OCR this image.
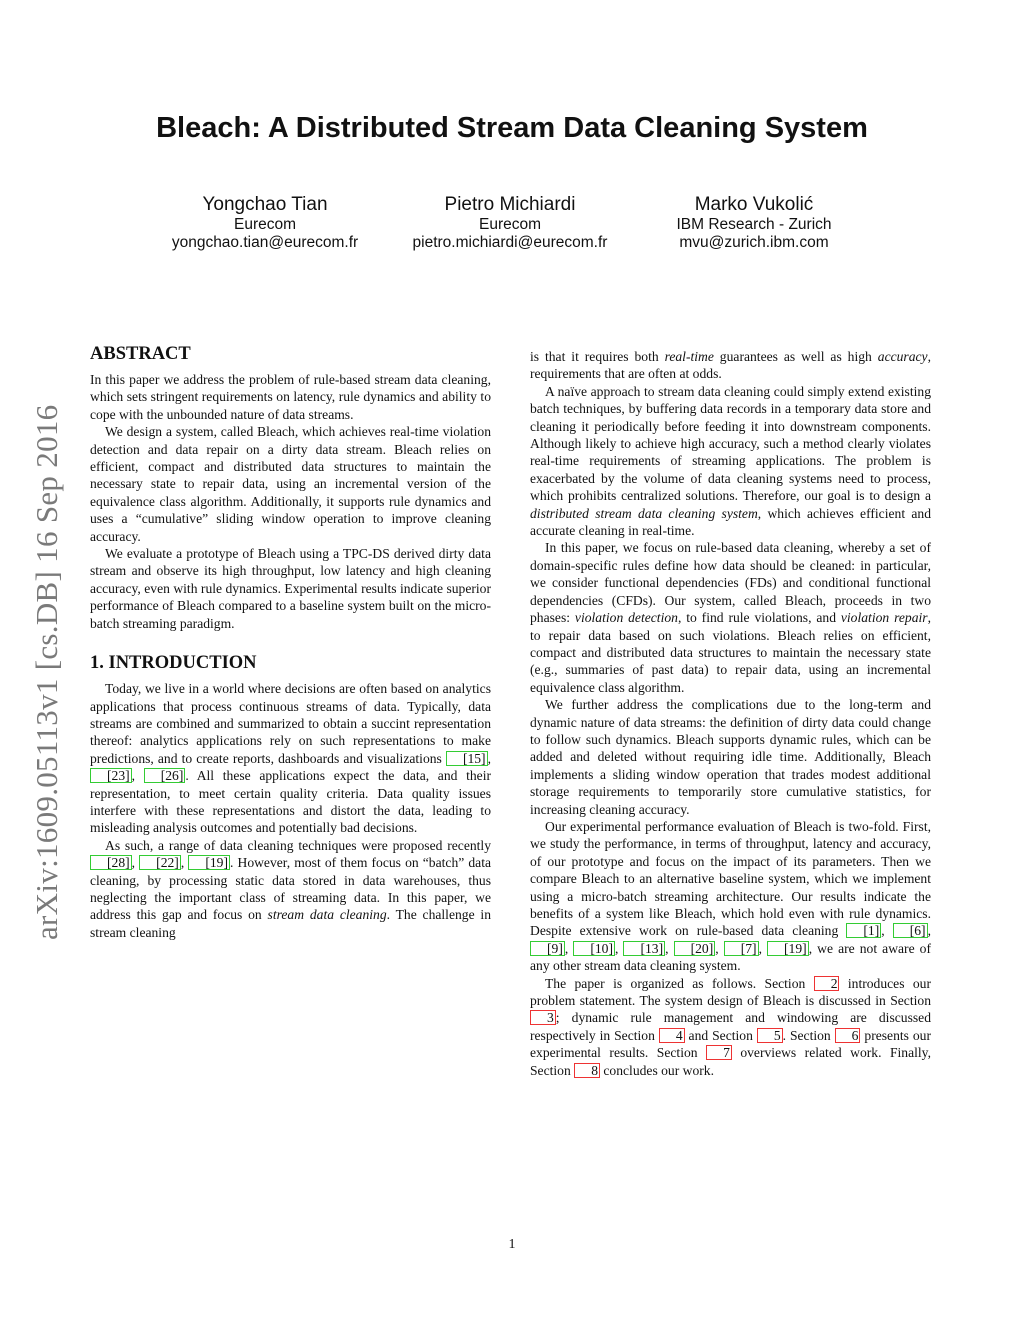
Bleach: A Distributed Stream Data Cleaning System
Yongchao Tian
Eurecom
yongchao.tian@eurecom.fr
Pietro Michiardi
Eurecom
pietro.michiardi@eurecom.fr
Marko Vukolić
IBM Research - Zurich
mvu@zurich.ibm.com
arXiv:1609.05113v1 [cs.DB] 16 Sep 2016
ABSTRACT

In this paper we address the problem of rule-based stream data cleaning, which sets stringent requirements on latency, rule dynamics and ability to cope with the unbounded nature of data streams.

We design a system, called Bleach, which achieves real-time violation detection and data repair on a dirty data stream. Bleach relies on efficient, compact and distributed data structures to maintain the necessary state to repair data, using an incremental version of the equivalence class algorithm. Additionally, it supports rule dynamics and uses a “cumulative” sliding window operation to improve cleaning accuracy.

We evaluate a prototype of Bleach using a TPC-DS derived dirty data stream and observe its high throughput, low latency and high cleaning accuracy, even with rule dynamics. Experimental results indicate superior performance of Bleach compared to a baseline system built on the micro-batch streaming paradigm.

1. INTRODUCTION

Today, we live in a world where decisions are often based on analytics applications that process continuous streams of data. Typically, data streams are combined and summarized to obtain a succint representation thereof: analytics applications rely on such representations to make predictions, and to create reports, dashboards and visualizations [15] , [23] , [26] . All these applications expect the data, and their representation, to meet certain quality criteria. Data quality issues interfere with these representations and distort the data, leading to misleading analysis outcomes and potentially bad decisions.

As such, a range of data cleaning techniques were proposed recently [28] , [22] , [19] . However, most of them focus on “batch” data cleaning, by processing static data stored in data warehouses, thus neglecting the important class of streaming data. In this paper, we address this gap and focus on stream data cleaning. The challenge in stream cleaning

is that it requires both real-time guarantees as well as high accuracy, requirements that are often at odds.

A naïve approach to stream data cleaning could simply extend existing batch techniques, by buffering data records in a temporary data store and cleaning it periodically before feeding it into downstream components. Although likely to achieve high accuracy, such a method clearly violates real-time requirements of streaming applications. The problem is exacerbated by the volume of data cleaning systems need to process, which prohibits centralized solutions. Therefore, our goal is to design a distributed stream data cleaning system, which achieves efficient and accurate cleaning in real-time.

In this paper, we focus on rule-based data cleaning, whereby a set of domain-specific rules define how data should be cleaned: in particular, we consider functional dependencies (FDs) and conditional functional dependencies (CFDs). Our system, called Bleach, proceeds in two phases: violation detection, to find rule violations, and violation repair, to repair data based on such violations. Bleach relies on efficient, compact and distributed data structures to maintain the necessary state (e.g., summaries of past data) to repair data, using an incremental equivalence class algorithm.

We further address the complications due to the long-term and dynamic nature of data streams: the definition of dirty data could change to follow such dynamics. Bleach supports dynamic rules, which can be added and deleted without requiring idle time. Additionally, Bleach implements a sliding window operation that trades modest additional storage requirements to temporarily store cumulative statistics, for increasing cleaning accuracy.

Our experimental performance evaluation of Bleach is two-fold. First, we study the performance, in terms of throughput, latency and accuracy, of our prototype and focus on the impact of its parameters. Then we compare Bleach to an alternative baseline system, which we implement using a micro-batch streaming architecture. Our results indicate the benefits of a system like Bleach, which hold even with rule dynamics. Despite extensive work on rule-based data cleaning [1] , [6] , [9] , [10] , [13] , [20] , [7] , [19] , we are not aware of any other stream data cleaning system.

The paper is organized as follows. Section 2 introduces our problem statement. The system design of Bleach is discussed in Section 3 ; dynamic rule management and windowing are discussed respectively in Section 4 and Section 5 . Section 6 presents our experimental results. Section 7 overviews related work. Finally, Section 8 concludes our work.

1
